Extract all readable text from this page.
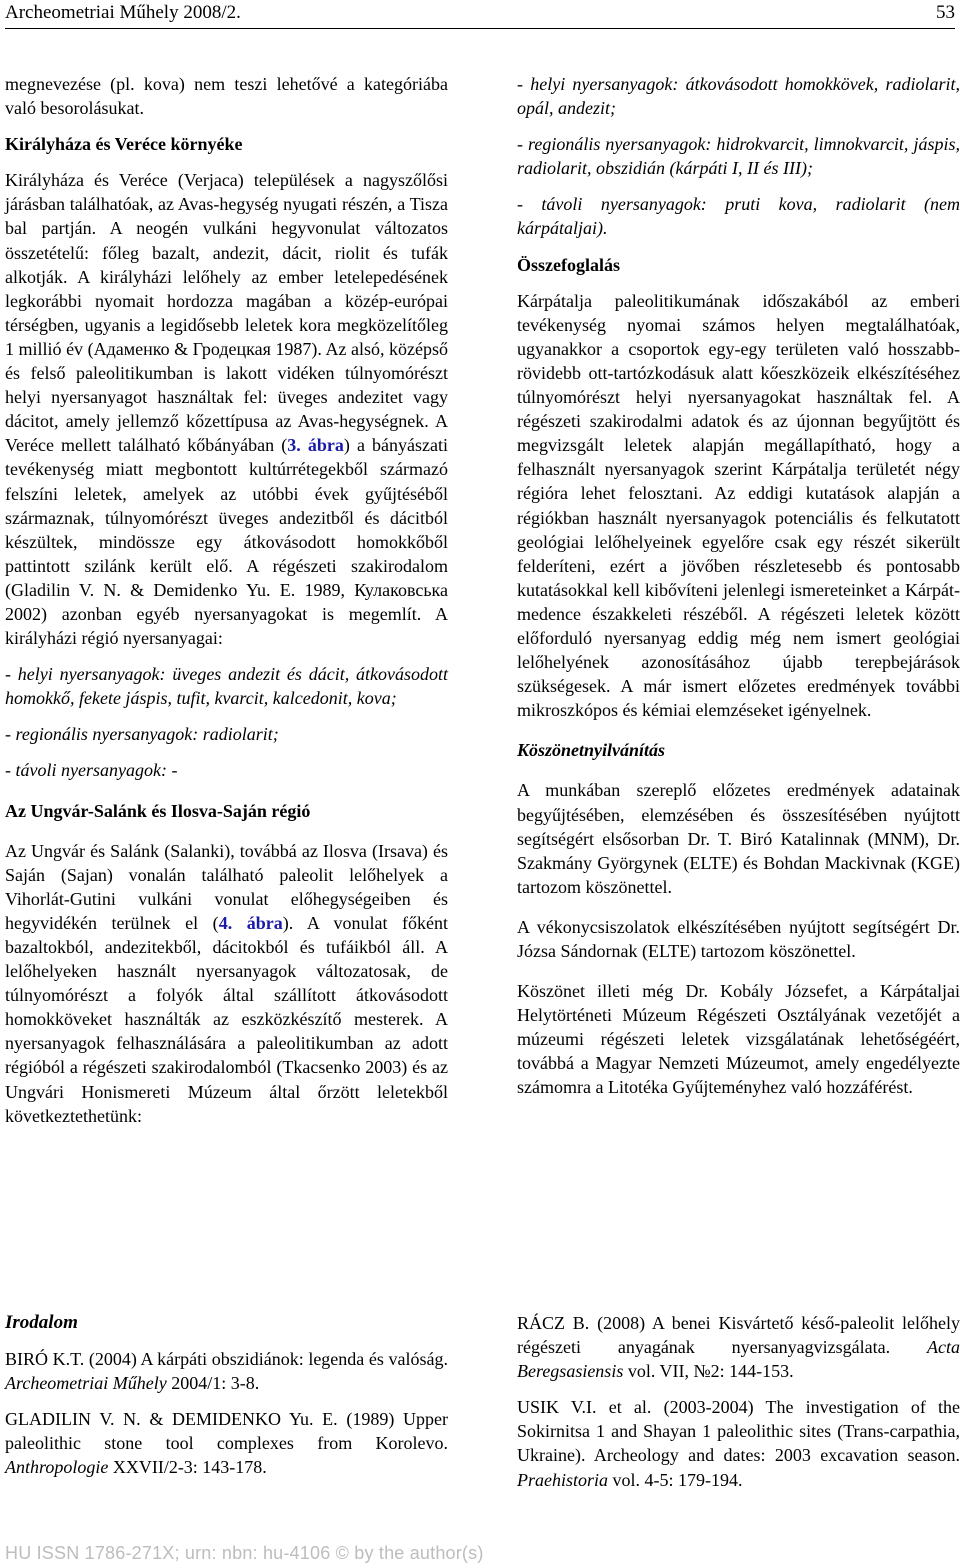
Archeometriai Műhely 2008/2.	53

megnevezése (pl. kova) nem teszi lehetővé a kategóriába való besorolásukat.

Királyháza és Veréce környéke

Királyháza és Veréce (Verjaca) települések a nagyszőlősi járásban találhatóak, az Avas-hegység nyugati részén, a Tisza bal partján. A neogén vulkáni hegyvonulat változatos összetételű: főleg bazalt, andezit, dácit, riolit és tufák alkotják. A királyházi lelőhely az ember letelepedésének legkorábbi nyomait hordozza magában a közép-európai térségben, ugyanis a legidősebb leletek kora megközelítőleg 1 millió év (Адаменко & Гродецкая 1987). Az alsó, középső és felső paleolitikumban is lakott vidéken túlnyomórészt helyi nyersanyagot használtak fel: üveges andezitet vagy dácitot, amely jellemző kőzettípusa az Avas-hegységnek. A Veréce mellett található kőbányában (3. ábra) a bányászati tevékenység miatt megbontott kultúrrétegekből származó felszíni leletek, amelyek az utóbbi évek gyűjtéséből származnak, túlnyomórészt üveges andezitből és dácitból készültek, mindössze egy átkovásodott homokkőből pattintott szilánk került elő. A régészeti szakirodalom (Gladilin V. N. & Demidenko Yu. E. 1989, Кулаковська 2002) azonban egyéb nyersanyagokat is megemlít. A királyházi régió nyersanyagai:

- helyi nyersanyagok: üveges andezit és dácit, átkovásodott homokkő, fekete jáspis, tufit, kvarcit, kalcedonit, kova;

- regionális nyersanyagok: radiolarit;

- távoli nyersanyagok: -

Az Ungvár-Salánk és Ilosva-Saján régió

Az Ungvár és Salánk (Salanki), továbbá az Ilosva (Irsava) és Saján (Sajan) vonalán található paleolit lelőhelyek a Vihorlát-Gutini vulkáni vonulat előhegységeiben és hegyvidékén terülnek el (4. ábra). A vonulat főként bazaltokból, andezitekből, dácitokból és tufáikból áll. A lelőhelyeken használt nyersanyagok változatosak, de túlnyomórészt a folyók által szállított átkovásodott homokköveket használták az eszközkészítő mesterek. A nyersanyagok felhasználására a paleolitikumban az adott régióból a régészeti szakirodalomból (Tkacsenko 2003) és az Ungvári Honismereti Múzeum által őrzött leletekből következtethetünk:

- helyi nyersanyagok: átkovásodott homokkövek, radiolarit, opál, andezit;

- regionális nyersanyagok: hidrokvarcit, limnokvarcit, jáspis, radiolarit, obszidián (kárpáti I, II és III);

- távoli nyersanyagok: pruti kova, radiolarit (nem kárpátaljai).

Összefoglalás

Kárpátalja paleolitikumának időszakából az emberi tevékenység nyomai számos helyen megtalálhatóak, ugyanakkor a csoportok egy-egy területen való hosszabb-rövidebb ott-tartózkodásuk alatt kőeszközeik elkészítéséhez túlnyomórészt helyi nyersanyagokat használtak fel. A régészeti szakirodalmi adatok és az újonnan begyűjtött és megvizsgált leletek alapján megállapítható, hogy a felhasznált nyersanyagok szerint Kárpátalja területét négy régióra lehet felosztani. Az eddigi kutatások alapján a régiókban használt nyersanyagok potenciális és felkutatott geológiai lelőhelyeinek egyelőre csak egy részét sikerült felderíteni, ezért a jövőben részletesebb és pontosabb kutatásokkal kell kibővíteni jelenlegi ismereteinket a Kárpát-medence északkeleti részéből. A régészeti leletek között előforduló nyersanyag eddig még nem ismert geológiai lelőhelyének azonosításához újabb terepbejárások szükségesek. A már ismert előzetes eredmények további mikroszkópos és kémiai elemzéseket igényelnek.

Köszönetnyilvánítás

A munkában szereplő előzetes eredmények adatainak begyűjtésében, elemzésében és összesítésében nyújtott segítségért elsősorban Dr. T. Biró Katalinnak (MNM), Dr. Szakmány Györgynek (ELTE) és Bohdan Mackivnak (KGE) tartozom köszönettel.

A vékonycsiszolatok elkészítésében nyújtott segítségért Dr. Józsa Sándornak (ELTE) tartozom köszönettel.

Köszönet illeti még Dr. Kobály Józsefet, a Kárpátaljai Helytörténeti Múzeum Régészeti Osztályának vezetőjét a múzeumi régészeti leletek vizsgálatának lehetőségéért, továbbá a Magyar Nemzeti Múzeumot, amely engedélyezte számomra a Litotéka Gyűjteményhez való hozzáférést.

Irodalom

BIRÓ K.T. (2004) A kárpáti obszidiánok: legenda és valóság. Archeometriai Műhely 2004/1: 3-8.

GLADILIN V. N. & DEMIDENKO Yu. E. (1989) Upper paleolithic stone tool complexes from Korolevo. Anthropologie XXVII/2-3: 143-178.

RÁCZ B. (2008) A benei Kisvártető késő-paleolit lelőhely régészeti anyagának nyersanyagvizsgálata. Acta Beregsasiensis vol. VII, №2: 144-153.

USIK V.I. et al. (2003-2004) The investigation of the Sokirnitsa 1 and Shayan 1 paleolithic sites (Trans-carpathia, Ukraine). Archeology and dates: 2003 excavation season. Praehistoria vol. 4-5: 179-194.

HU ISSN 1786-271X; urn: nbn: hu-4106 © by the author(s)
